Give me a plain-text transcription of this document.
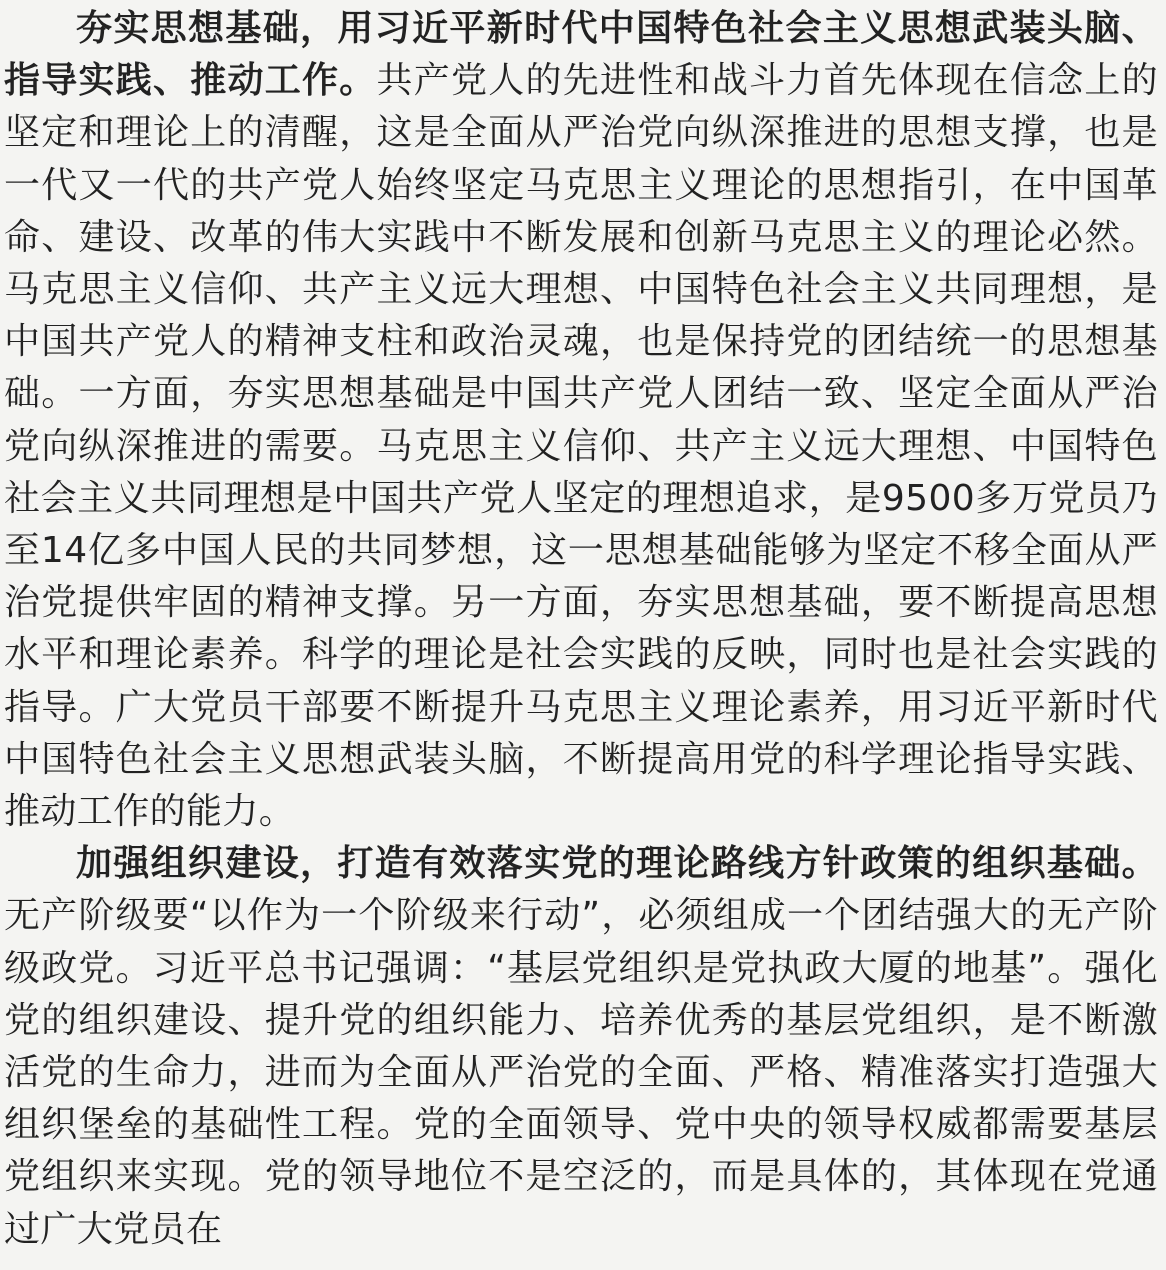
夯实思想基础，用习近平新时代中国特色社会主义思想武装头脑、指导实践、推动工作。共产党人的先进性和战斗力首先体现在信念上的坚定和理论上的清醒，这是全面从严治党向纵深推进的思想支撑，也是一代又一代的共产党人始终坚定马克思主义理论的思想指引，在中国革命、建设、改革的伟大实践中不断发展和创新马克思主义的理论必然。马克思主义信仰、共产主义远大理想、中国特色社会主义共同理想，是中国共产党人的精神支柱和政治灵魂，也是保持党的团结统一的思想基础。一方面，夯实思想基础是中国共产党人团结一致、坚定全面从严治党向纵深推进的需要。马克思主义信仰、共产主义远大理想、中国特色社会主义共同理想是中国共产党人坚定的理想追求，是9500多万党员乃至14亿多中国人民的共同梦想，这一思想基础能够为坚定不移全面从严治党提供牢固的精神支撑。另一方面，夯实思想基础，要不断提高思想水平和理论素养。科学的理论是社会实践的反映，同时也是社会实践的指导。广大党员干部要不断提升马克思主义理论素养，用习近平新时代中国特色社会主义思想武装头脑，不断提高用党的科学理论指导实践、推动工作的能力。

加强组织建设，打造有效落实党的理论路线方针政策的组织基础。无产阶级要“以作为一个阶级来行动”，必须组成一个团结强大的无产阶级政党。习近平总书记强调：“基层党组织是党执政大厦的地基”。强化党的组织建设、提升党的组织能力、培养优秀的基层党组织，是不断激活党的生命力，进而为全面从严治党的全面、严格、精准落实打造强大组织堡垒的基础性工程。党的全面领导、党中央的领导权威都需要基层党组织来实现。党的领导地位不是空泛的，而是具体的，其体现在党通过广大党员在
